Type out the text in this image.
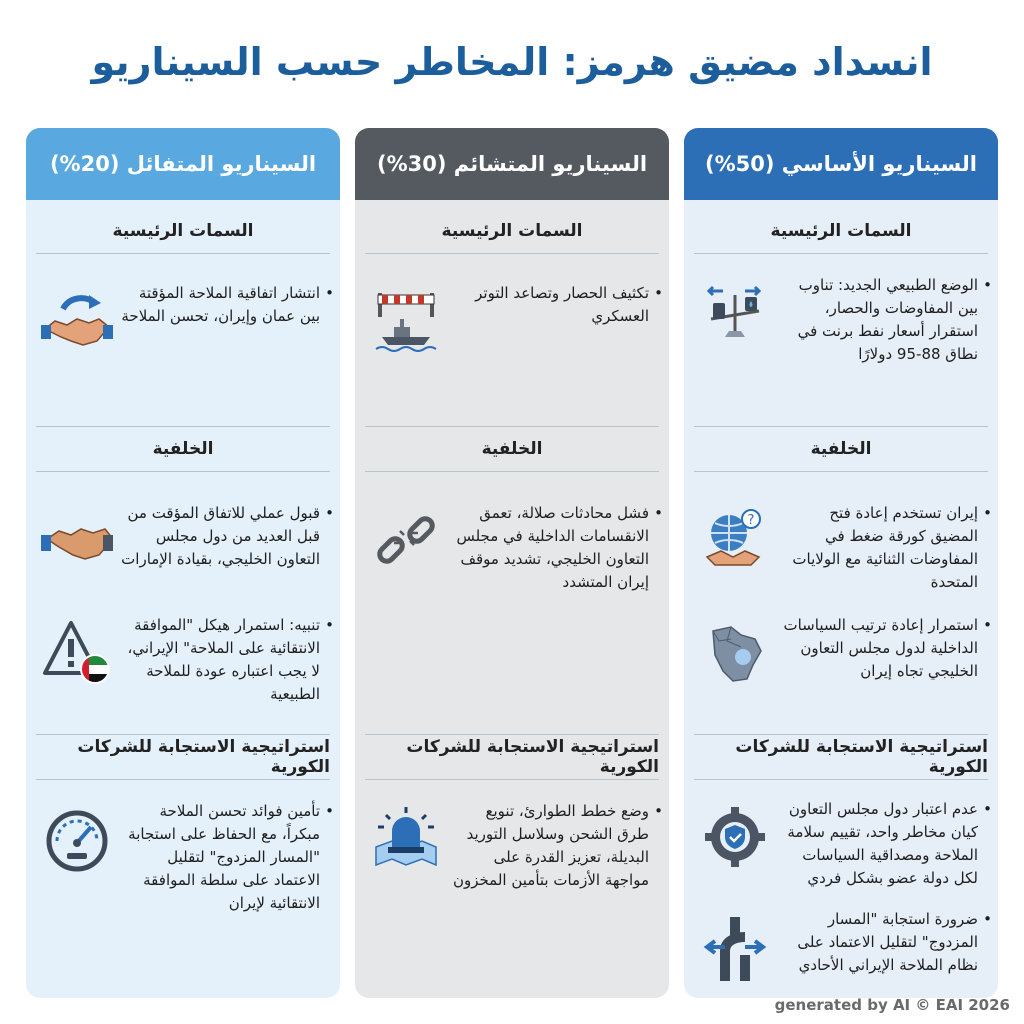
انسداد مضيق هرمز: المخاطر حسب السيناريو
السيناريو الأساسي (50%)
السمات الرئيسية
• الوضع الطبيعي الجديد: تناوب بين المفاوضات والحصار، استقرار أسعار نفط برنت في نطاق 88-95 دولارًا
الخلفية
• إيران تستخدم إعادة فتح المضيق كورقة ضغط في المفاوضات الثنائية مع الولايات المتحدة
?
• استمرار إعادة ترتيب السياسات الداخلية لدول مجلس التعاون الخليجي تجاه إيران
استراتيجية الاستجابة للشركات الكورية
• عدم اعتبار دول مجلس التعاون كيان مخاطر واحد، تقييم سلامة الملاحة ومصداقية السياسات لكل دولة عضو بشكل فردي
• ضرورة استجابة "المسار المزدوج" لتقليل الاعتماد على نظام الملاحة الإيراني الأحادي
السيناريو المتشائم (30%)
السمات الرئيسية
• تكثيف الحصار وتصاعد التوتر العسكري
الخلفية
• فشل محادثات صلالة، تعمق الانقسامات الداخلية في مجلس التعاون الخليجي، تشديد موقف إيران المتشدد
استراتيجية الاستجابة للشركات الكورية
• وضع خطط الطوارئ، تنويع طرق الشحن وسلاسل التوريد البديلة، تعزيز القدرة على مواجهة الأزمات بتأمين المخزون
السيناريو المتفائل (20%)
السمات الرئيسية
• انتشار اتفاقية الملاحة المؤقتة بين عمان وإيران، تحسن الملاحة
الخلفية
• قبول عملي للاتفاق المؤقت من قبل العديد من دول مجلس التعاون الخليجي، بقيادة الإمارات
• تنبيه: استمرار هيكل "الموافقة الانتقائية على الملاحة" الإيراني، لا يجب اعتباره عودة للملاحة الطبيعية
استراتيجية الاستجابة للشركات الكورية
• تأمين فوائد تحسن الملاحة مبكراً، مع الحفاظ على استجابة "المسار المزدوج" لتقليل الاعتماد على سلطة الموافقة الانتقائية لإيران
generated by AI © EAI 2026
